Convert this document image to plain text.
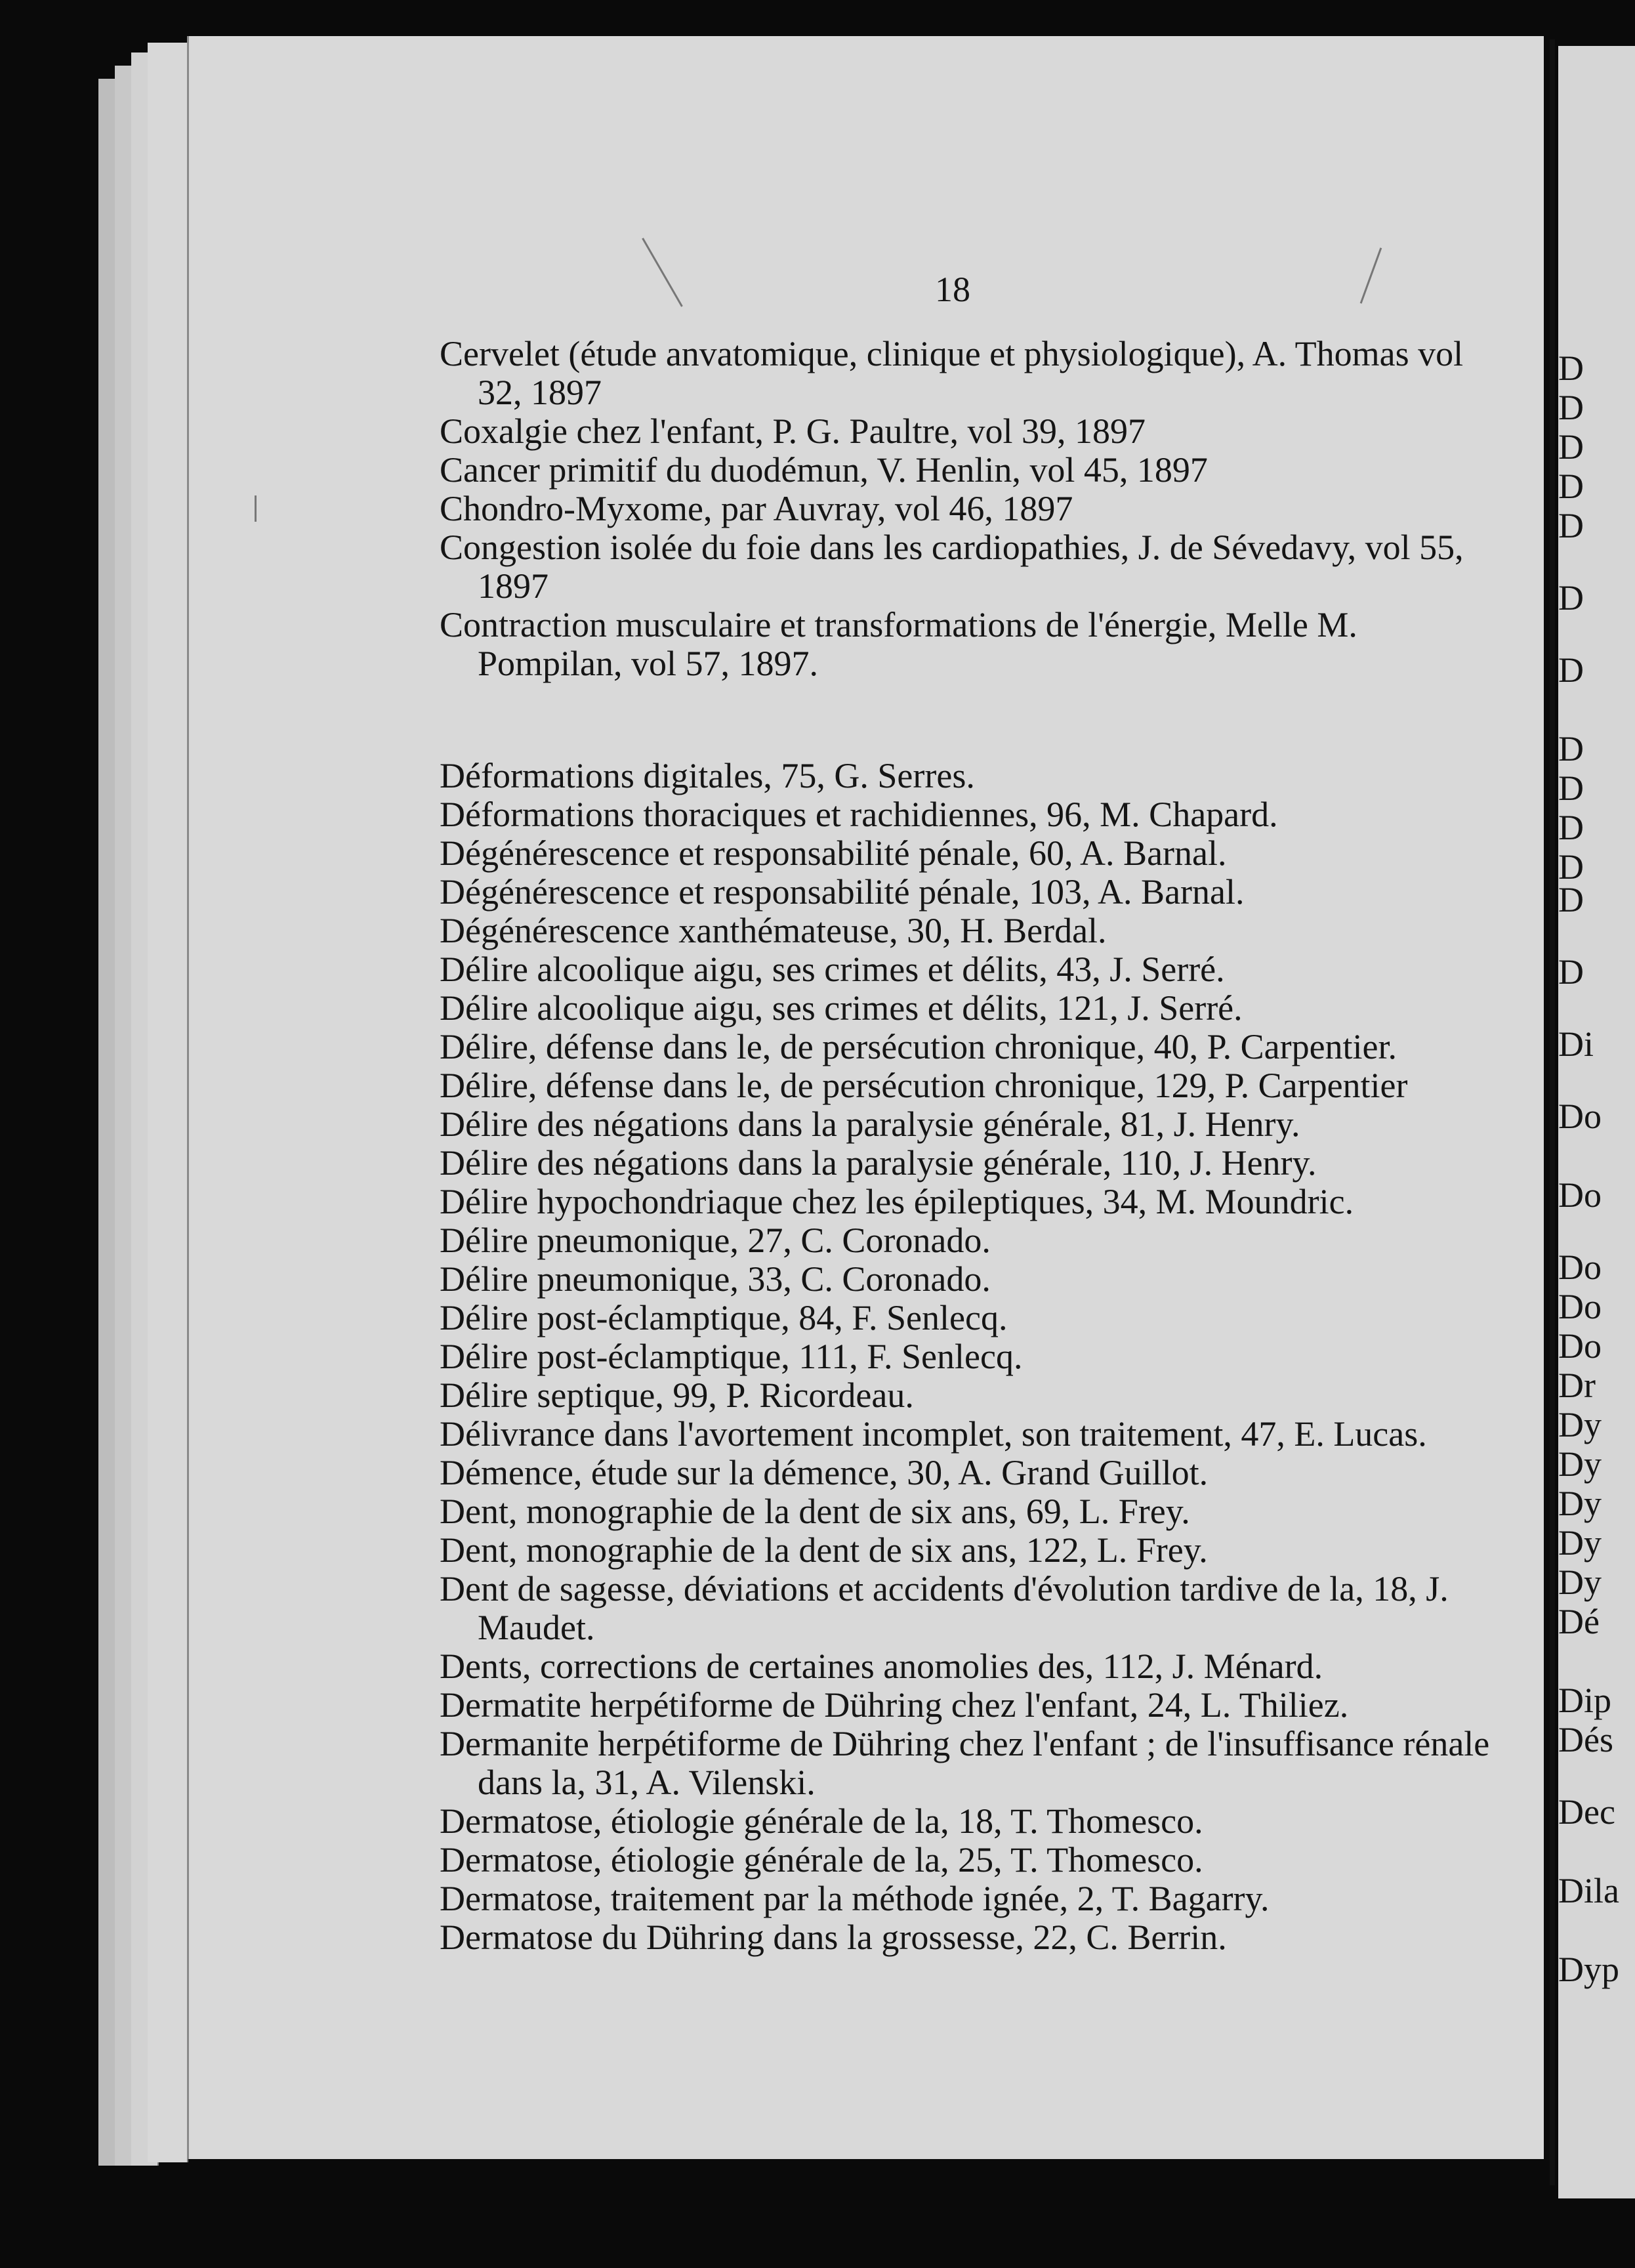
D
D
D
D
D
D
D
D
D
D
D
D
D
Di
Do
Do
Do
Do
Do
Dr
Dy
Dy
Dy
Dy
Dy
Dé
Dip
Dés
Dec
Dila
Dyp
18
Cervelet (étude anvatomique, clinique et physiologique), A. Thomas vol 32, 1897
Coxalgie chez l'enfant, P. G. Paultre, vol 39, 1897
Cancer primitif du duodémun, V. Henlin, vol 45, 1897
Chondro-Myxome, par Auvray, vol 46, 1897
Congestion isolée du foie dans les cardiopathies, J. de Sévedavy, vol 55, 1897
Contraction musculaire et transformations de l'énergie, Melle M. Pompilan, vol 57, 1897.
Déformations digitales, 75, G. Serres.
Déformations thoraciques et rachidiennes, 96, M. Chapard.
Dégénérescence et responsabilité pénale, 60, A. Barnal.
Dégénérescence et responsabilité pénale, 103, A. Barnal.
Dégénérescence xanthémateuse, 30, H. Berdal.
Délire alcoolique aigu, ses crimes et délits, 43, J. Serré.
Délire alcoolique aigu, ses crimes et délits, 121, J. Serré.
Délire, défense dans le, de persécution chronique, 40, P. Carpentier.
Délire, défense dans le, de persécution chronique, 129, P. Carpentier
Délire des négations dans la paralysie générale, 81, J. Henry.
Délire des négations dans la paralysie générale, 110, J. Henry.
Délire hypochondriaque chez les épileptiques, 34, M. Moundric.
Délire pneumonique, 27, C. Coronado.
Délire pneumonique, 33, C. Coronado.
Délire post-éclamptique, 84, F. Senlecq.
Délire post-éclamptique, 111, F. Senlecq.
Délire septique, 99, P. Ricordeau.
Délivrance dans l'avortement incomplet, son traitement, 47, E. Lucas.
Démence, étude sur la démence, 30, A. Grand Guillot.
Dent, monographie de la dent de six ans, 69, L. Frey.
Dent, monographie de la dent de six ans, 122, L. Frey.
Dent de sagesse, déviations et accidents d'évolution tardive de la, 18, J. Maudet.
Dents, corrections de certaines anomolies des, 112, J. Ménard.
Dermatite herpétiforme de Dühring chez l'enfant, 24, L. Thiliez.
Dermanite herpétiforme de Dühring chez l'enfant ; de l'insuffisance rénale dans la, 31, A. Vilenski.
Dermatose, étiologie générale de la, 18, T. Thomesco.
Dermatose, étiologie générale de la, 25, T. Thomesco.
Dermatose, traitement par la méthode ignée, 2, T. Bagarry.
Dermatose du Dühring dans la grossesse, 22, C. Berrin.
